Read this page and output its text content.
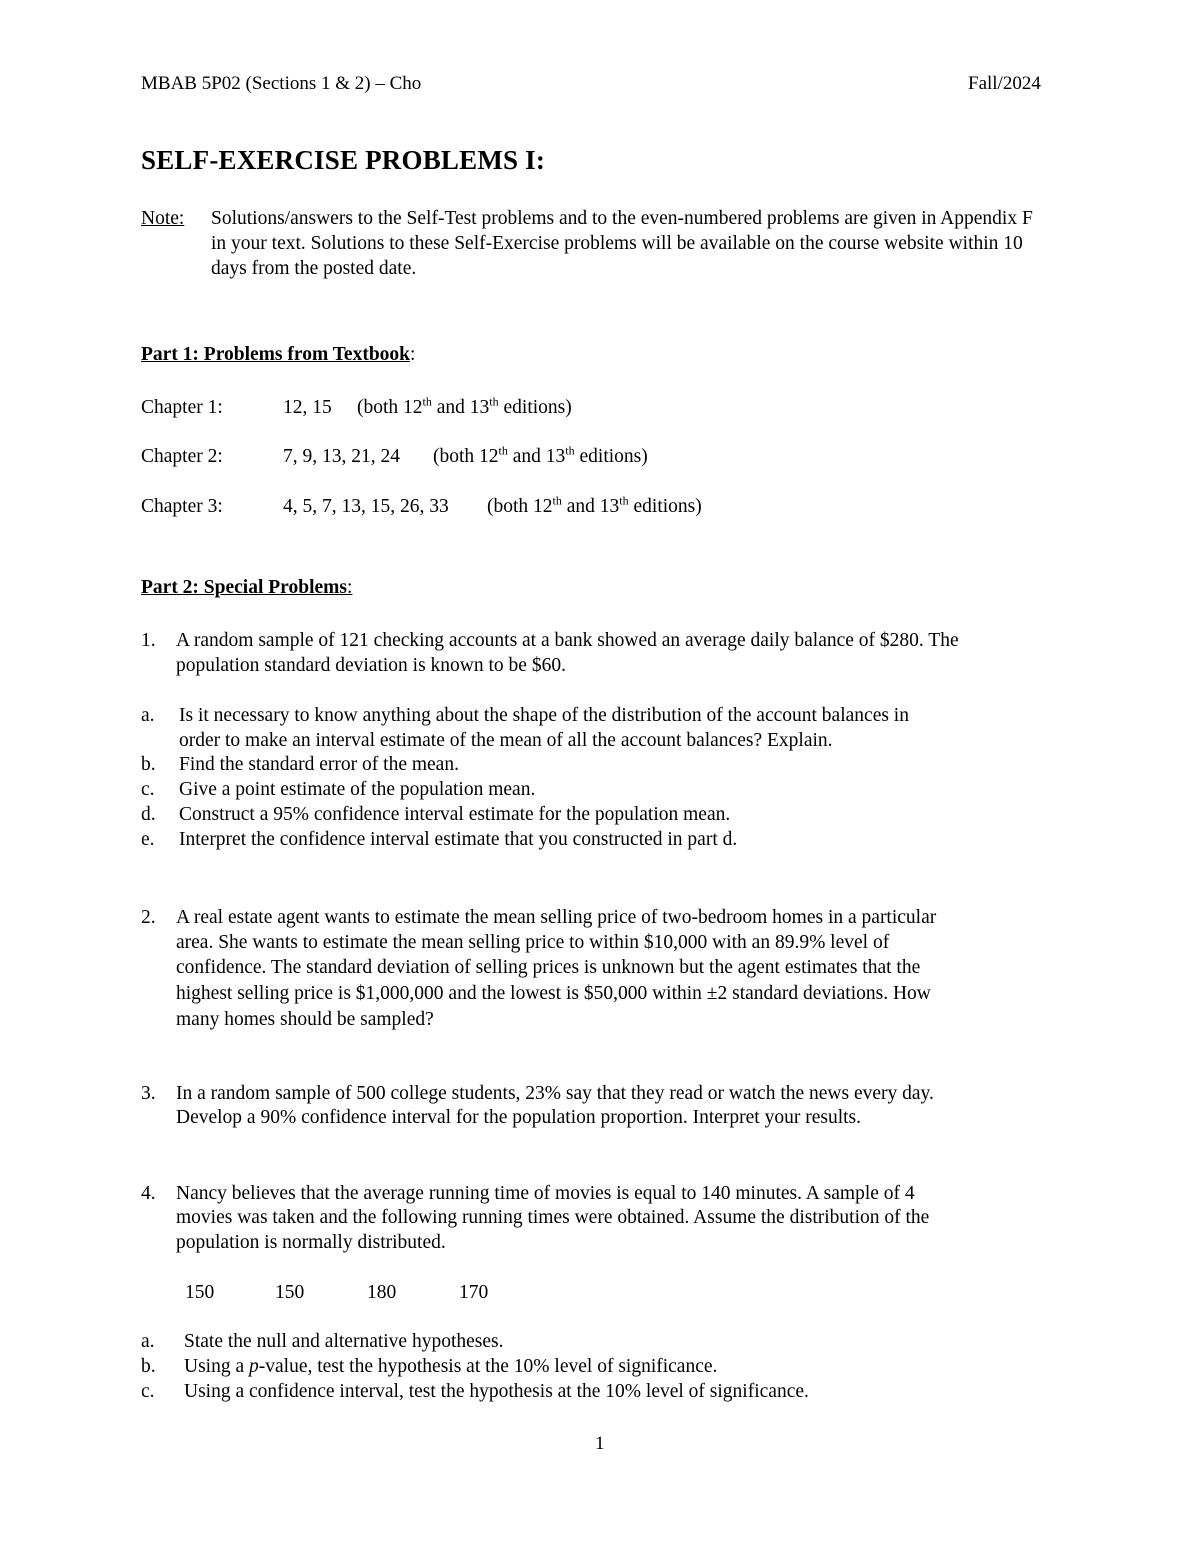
MBAB 5P02 (Sections 1 & 2) – Cho	Fall/2024
SELF-EXERCISE PROBLEMS I:
Note: Solutions/answers to the Self-Test problems and to the even-numbered problems are given in Appendix F in your text. Solutions to these Self-Exercise problems will be available on the course website within 10 days from the posted date.
Part 1: Problems from Textbook:
Chapter 1:	12, 15 (both 12th and 13th editions)
Chapter 2:	7, 9, 13, 21, 24 (both 12th and 13th editions)
Chapter 3:	4, 5, 7, 13, 15, 26, 33 (both 12th and 13th editions)
Part 2: Special Problems:
1. A random sample of 121 checking accounts at a bank showed an average daily balance of $280. The
population standard deviation is known to be $60.
a. Is it necessary to know anything about the shape of the distribution of the account balances in
order to make an interval estimate of the mean of all the account balances? Explain.
b. Find the standard error of the mean.
c. Give a point estimate of the population mean.
d. Construct a 95% confidence interval estimate for the population mean.
e. Interpret the confidence interval estimate that you constructed in part d.
2. A real estate agent wants to estimate the mean selling price of two-bedroom homes in a particular
area. She wants to estimate the mean selling price to within $10,000 with an 89.9% level of
confidence. The standard deviation of selling prices is unknown but the agent estimates that the
highest selling price is $1,000,000 and the lowest is $50,000 within ±2 standard deviations. How
many homes should be sampled?
3. In a random sample of 500 college students, 23% say that they read or watch the news every day.
Develop a 90% confidence interval for the population proportion. Interpret your results.
4. Nancy believes that the average running time of movies is equal to 140 minutes. A sample of 4
movies was taken and the following running times were obtained. Assume the distribution of the
population is normally distributed.
150	150	180	170
a. State the null and alternative hypotheses.
b. Using a p-value, test the hypothesis at the 10% level of significance.
c. Using a confidence interval, test the hypothesis at the 10% level of significance.
1
